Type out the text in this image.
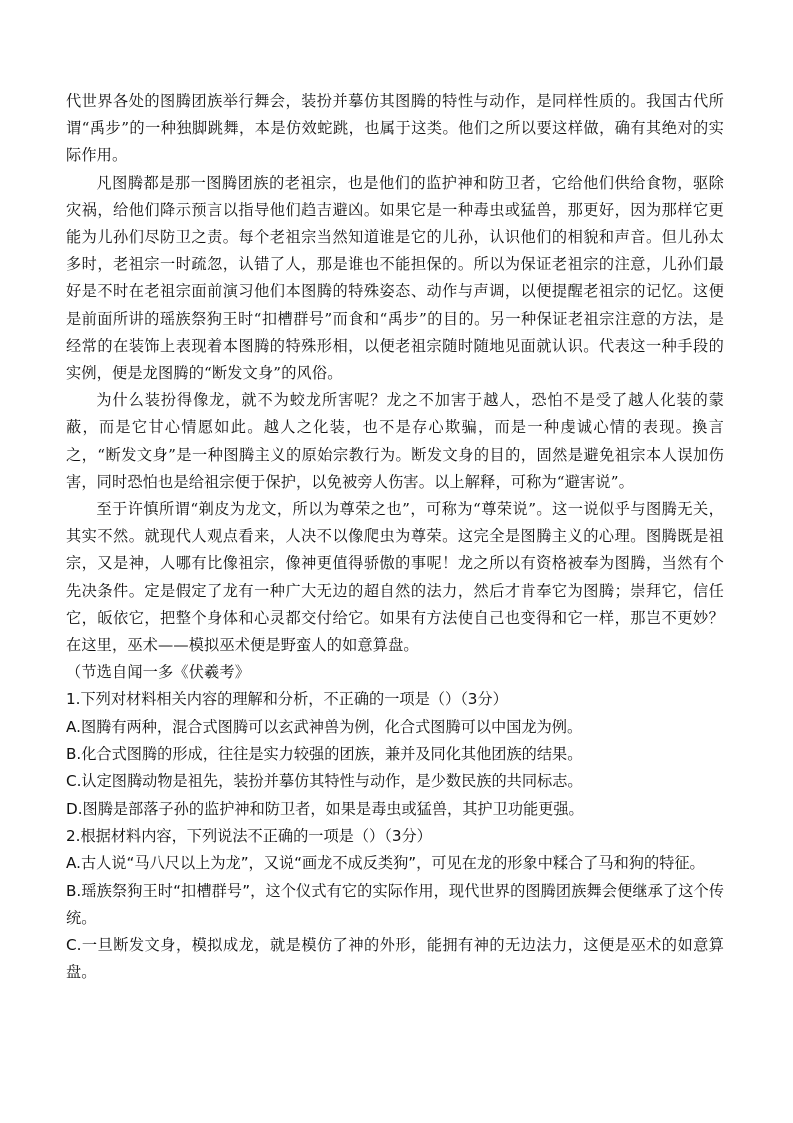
代世界各处的图腾团族举行舞会，装扮并摹仿其图腾的特性与动作，是同样性质的。我国古代所谓“禹步”的一种独脚跳舞，本是仿效蛇跳，也属于这类。他们之所以要这样做，确有其绝对的实际作用。

凡图腾都是那一图腾团族的老祖宗，也是他们的监护神和防卫者，它给他们供给食物，驱除灾祸，给他们降示预言以指导他们趋吉避凶。如果它是一种毒虫或猛兽，那更好，因为那样它更能为儿孙们尽防卫之责。每个老祖宗当然知道谁是它的儿孙，认识他们的相貌和声音。但儿孙太多时，老祖宗一时疏忽，认错了人，那是谁也不能担保的。所以为保证老祖宗的注意，儿孙们最好是不时在老祖宗面前演习他们本图腾的特殊姿态、动作与声调，以便提醒老祖宗的记忆。这便是前面所讲的瑶族祭狗王时“扣槽群号”而食和“禹步”的目的。另一种保证老祖宗注意的方法，是经常的在装饰上表现着本图腾的特殊形相，以便老祖宗随时随地见面就认识。代表这一种手段的实例，便是龙图腾的“断发文身”的风俗。

为什么装扮得像龙，就不为蛟龙所害呢？龙之不加害于越人，恐怕不是受了越人化装的蒙蔽，而是它甘心情愿如此。越人之化装，也不是存心欺骗，而是一种虔诚心情的表现。換言之，“断发文身”是一种图腾主义的原始宗教行为。断发文身的目的，固然是避免祖宗本人误加伤害，同时恐怕也是给祖宗便于保护，以免被旁人伤害。以上解释，可称为“避害说”。

至于许慎所谓“剃皮为龙文，所以为尊荣之也”，可称为“尊荣说”。这一说似乎与图腾无关，其实不然。就现代人观点看来，人决不以像爬虫为尊荣。这完全是图腾主义的心理。图腾既是祖宗，又是神，人哪有比像祖宗，像神更值得骄傲的事呢！龙之所以有资格被奉为图腾，当然有个先决条件。定是假定了龙有一种广大无边的超自然的法力，然后才肯奉它为图腾；崇拜它，信任它，皈依它，把整个身体和心灵都交付给它。如果有方法使自己也变得和它一样，那岂不更妙？在这里，巫术——模拟巫术便是野蛮人的如意算盘。

（节选自闻一多《伏羲考》

1.下列对材料相关内容的理解和分析，不正确的一项是（）（3分）

A.图腾有两种，混合式图腾可以玄武神兽为例，化合式图腾可以中国龙为例。

B.化合式图腾的形成，往往是实力较强的团族，兼并及同化其他团族的结果。

C.认定图腾动物是祖先，装扮并摹仿其特性与动作，是少数民族的共同标志。

D.图腾是部落子孙的监护神和防卫者，如果是毒虫或猛兽，其护卫功能更强。

2.根据材料内容，下列说法不正确的一项是（）（3分）

A.古人说“马八尺以上为龙”，又说“画龙不成反类狗”，可见在龙的形象中糅合了马和狗的特征。

B.瑶族祭狗王时“扣槽群号”，这个仪式有它的实际作用，现代世界的图腾团族舞会便继承了这个传统。

C.一旦断发文身，模拟成龙，就是模仿了神的外形，能拥有神的无边法力，这便是巫术的如意算盘。
